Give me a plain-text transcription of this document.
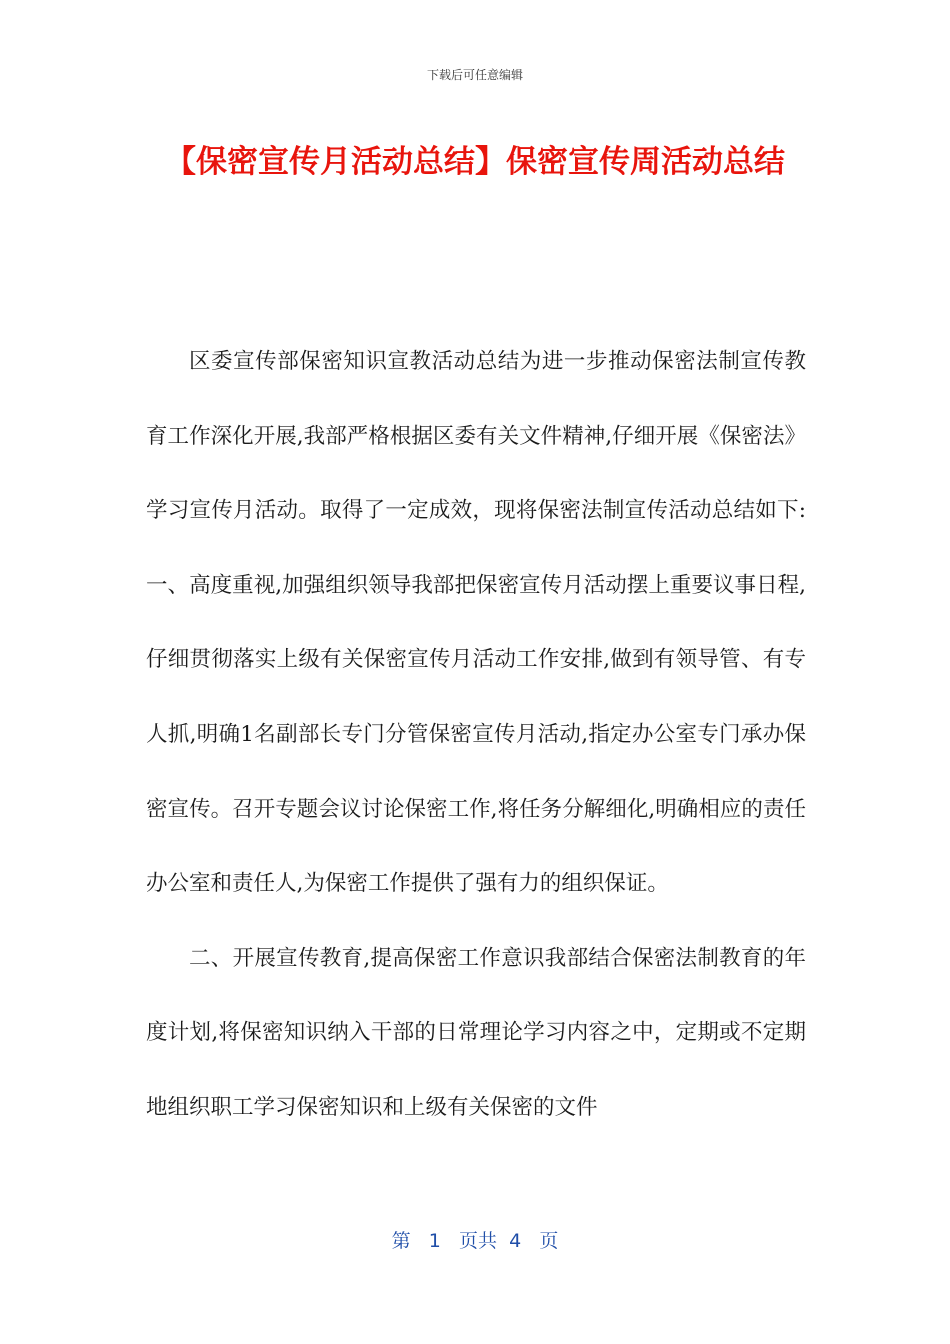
下载后可任意编辑
【保密宣传月活动总结】保密宣传周活动总结

区委宣传部保密知识宣教活动总结为进一步推动保密法制宣传教育工作深化开展,我部严格根据区委有关文件精神,仔细开展《保密法》学习宣传月活动。取得了一定成效，现将保密法制宣传活动总结如下:一、高度重视,加强组织领导我部把保密宣传月活动摆上重要议事日程,仔细贯彻落实上级有关保密宣传月活动工作安排,做到有领导管、有专人抓,明确1名副部长专门分管保密宣传月活动,指定办公室专门承办保密宣传。召开专题会议讨论保密工作,将任务分解细化,明确相应的责任办公室和责任人,为保密工作提供了强有力的组织保证。

二、开展宣传教育,提高保密工作意识我部结合保密法制教育的年度计划,将保密知识纳入干部的日常理论学习内容之中，定期或不定期地组织职工学习保密知识和上级有关保密的文件

第 1 页共 4 页
